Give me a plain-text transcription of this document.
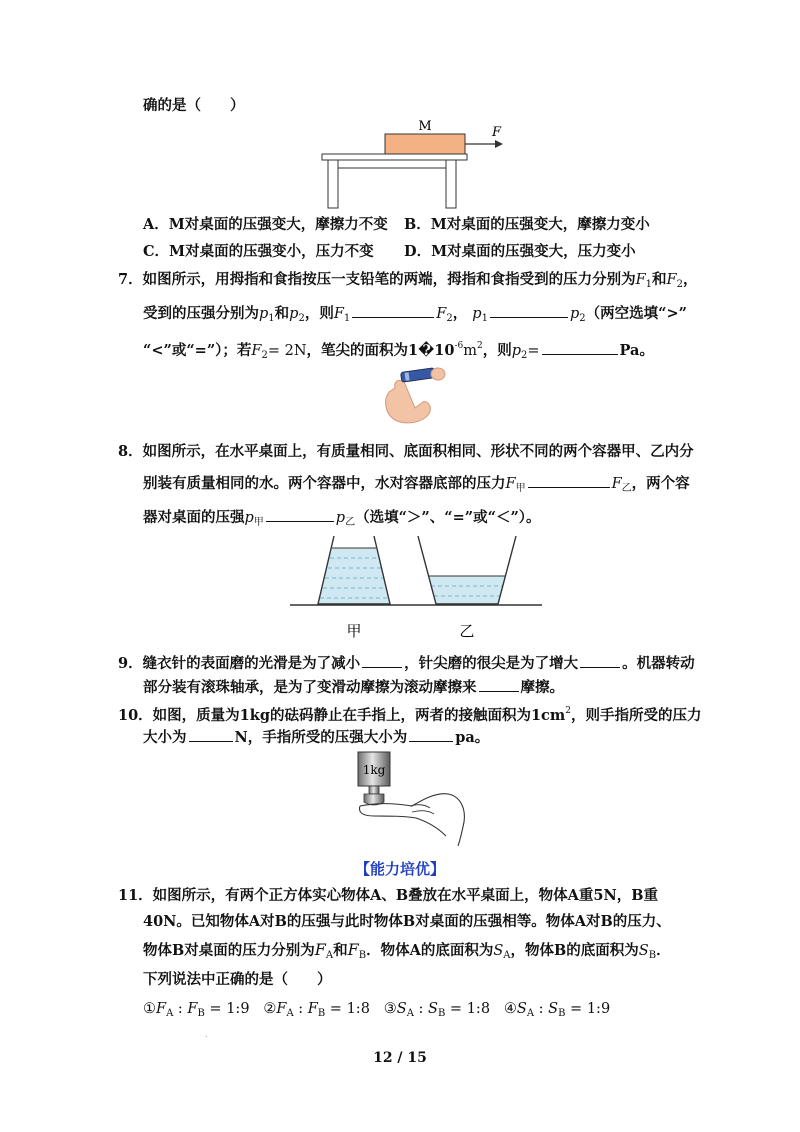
确的是（　　）
M	F
A．M对桌面的压强变大，摩擦力不变 B．M对桌面的压强变大，摩擦力变小
C．M对桌面的压强变小，压力不变 D．M对桌面的压强变大，压力变小
7．如图所示，用拇指和食指按压一支铅笔的两端，拇指和食指受到的压力分别为$F_1$和$F_2$，
受到的压强分别为$p_1$和$p_2$，则$F_1$	$F_2$， $p_1$	$p_2$（两空选填“>”
“<”或“=”）；若$F_2= 2N$，笔尖的面积为$1�10^{-6}m^2$，则$p_2=$	Pa。
8．如图所示，在水平桌面上，有质量相同、底面积相同、形状不同的两个容器甲、乙内分
别装有质量相同的水。两个容器中，水对容器底部的压力$F_甲$	$F_乙$，两个容
器对桌面的压强$p_甲$	$p_乙$（选填“＞”、“=”或“＜”）。
甲	乙
9．缝衣针的表面磨的光滑是为了减小	，针尖磨的很尖是为了增大	。机器转动
部分装有滚珠轴承，是为了变滑动摩擦为滚动摩擦来	摩擦。
10．如图，质量为1kg的砝码静止在手指上，两者的接触面积为$1cm^2$，则手指所受的压力
大小为	N，手指所受的压强大小为	pa。
1kg
【能力培优】
11．如图所示，有两个正方体实心物体A、B叠放在水平桌面上，物体A重5N，B重
40N。已知物体A对B的压强与此时物体B对桌面的压强相等。物体A对B的压力、
物体B对桌面的压力分别为$F_A$和$F_B$．物体A的底面积为$S_A$，物体B的底面积为$S_B$．
下列说法中正确的是（　　）
$①F_A$ : $F_B$ = 1:9 $②F_A$ : $F_B$ = 1:8 $③S_A$ : $S_B$ = 1:8 $④S_A$ : $S_B$ = 1:9
.
12 / 15
